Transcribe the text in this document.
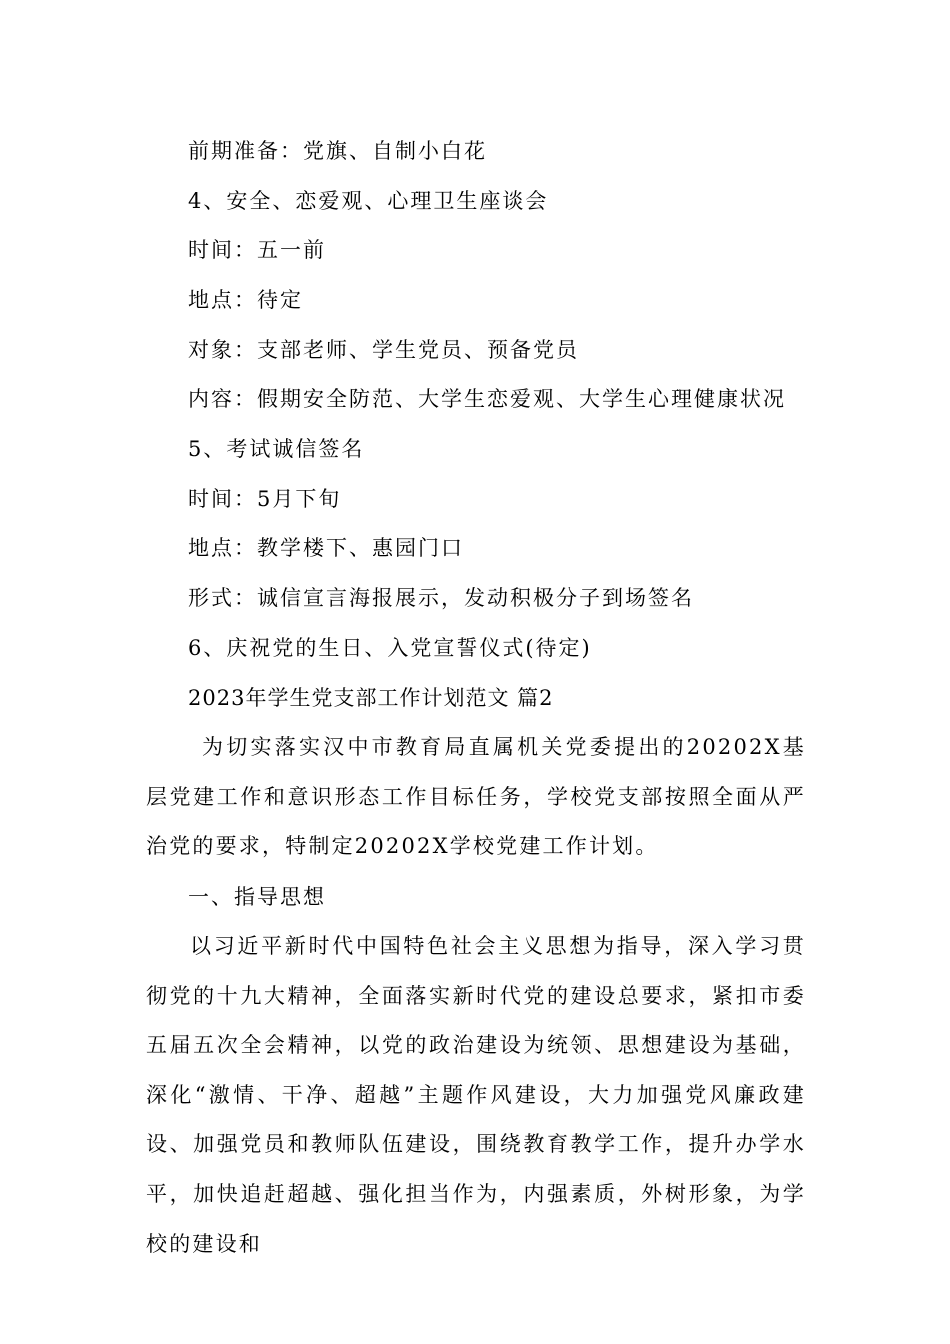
前期准备：党旗、自制小白花
4、安全、恋爱观、心理卫生座谈会
时间：五一前
地点：待定
对象：支部老师、学生党员、预备党员
内容：假期安全防范、大学生恋爱观、大学生心理健康状况
5、考试诚信签名
时间：5月下旬
地点：教学楼下、惠园门口
形式：诚信宣言海报展示，发动积极分子到场签名
6、庆祝党的生日、入党宣誓仪式(待定)
2023年学生党支部工作计划范文 篇2
为切实落实汉中市教育局直属机关党委提出的20202X基层党建工作和意识形态工作目标任务，学校党支部按照全面从严治党的要求，特制定20202X学校党建工作计划。
一、指导思想
以习近平新时代中国特色社会主义思想为指导，深入学习贯彻党的十九大精神，全面落实新时代党的建设总要求，紧扣市委五届五次全会精神，以党的政治建设为统领、思想建设为基础，深化“激情、干净、超越”主题作风建设，大力加强党风廉政建设、加强党员和教师队伍建设，围绕教育教学工作，提升办学水平，加快追赶超越、强化担当作为，内强素质，外树形象，为学校的建设和
